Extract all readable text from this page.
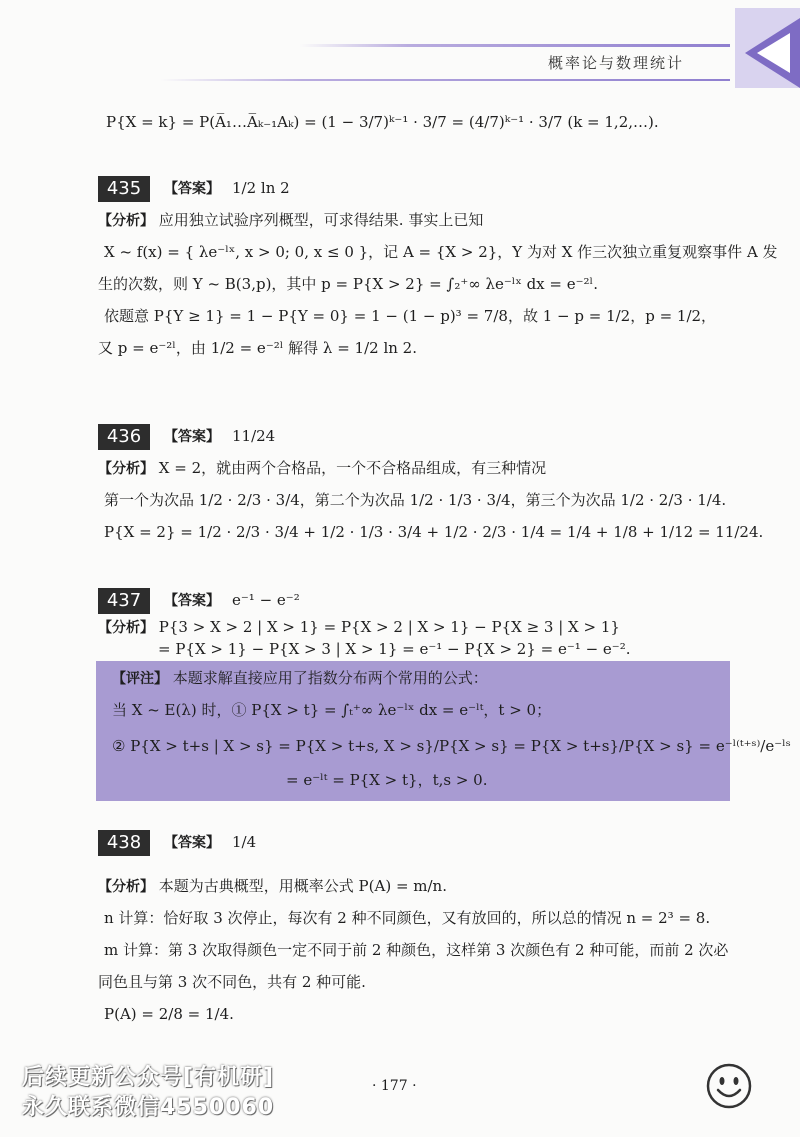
概率论与数理统计
P{X = k} = P(A̅₁…A̅ₖ₋₁Aₖ) = (1 − 3/7)ᵏ⁻¹ · 3/7 = (4/7)ᵏ⁻¹ · 3/7 (k = 1,2,…).
435 【答案】 1/2 ln 2
【分析】 应用独立试验序列概型，可求得结果. 事实上已知
X ~ f(x) = { λe⁻ˡˣ, x > 0; 0, x ≤ 0 }，记 A = {X > 2}，Y 为对 X 作三次独立重复观察事件 A 发
生的次数，则 Y ~ B(3,p)，其中 p = P{X > 2} = ∫₂⁺∞ λe⁻ˡˣ dx = e⁻²ˡ.
依题意 P{Y ≥ 1} = 1 − P{Y = 0} = 1 − (1 − p)³ = 7/8，故 1 − p = 1/2，p = 1/2，
又 p = e⁻²ˡ，由 1/2 = e⁻²ˡ 解得 λ = 1/2 ln 2.
436 【答案】 11/24
【分析】 X = 2，就由两个合格品，一个不合格品组成，有三种情况
第一个为次品 1/2 · 2/3 · 3/4，第二个为次品 1/2 · 1/3 · 3/4，第三个为次品 1/2 · 2/3 · 1/4.
P{X = 2} = 1/2 · 2/3 · 3/4 + 1/2 · 1/3 · 3/4 + 1/2 · 2/3 · 1/4 = 1/4 + 1/8 + 1/12 = 11/24.
437 【答案】 e⁻¹ − e⁻²
【分析】 P{3 > X > 2 | X > 1} = P{X > 2 | X > 1} − P{X ≥ 3 | X > 1}
= P{X > 1} − P{X > 3 | X > 1} = e⁻¹ − P{X > 2} = e⁻¹ − e⁻².
【评注】 本题求解直接应用了指数分布两个常用的公式：
当 X ~ E(λ) 时，① P{X > t} = ∫ₜ⁺∞ λe⁻ˡˣ dx = e⁻ˡᵗ，t > 0；
② P{X > t+s | X > s} = P{X > t+s, X > s}/P{X > s} = P{X > t+s}/P{X > s} = e⁻ˡ⁽ᵗ⁺ˢ⁾/e⁻ˡˢ
= e⁻ˡᵗ = P{X > t}，t,s > 0.
438 【答案】 1/4
【分析】 本题为古典概型，用概率公式 P(A) = m/n.
n 计算：恰好取 3 次停止，每次有 2 种不同颜色，又有放回的，所以总的情况 n = 2³ = 8.
m 计算：第 3 次取得颜色一定不同于前 2 种颜色，这样第 3 次颜色有 2 种可能，而前 2 次必
同色且与第 3 次不同色，共有 2 种可能.
P(A) = 2/8 = 1/4.
后续更新公众号[有机研]
永久联系微信4550060
· 177 ·
